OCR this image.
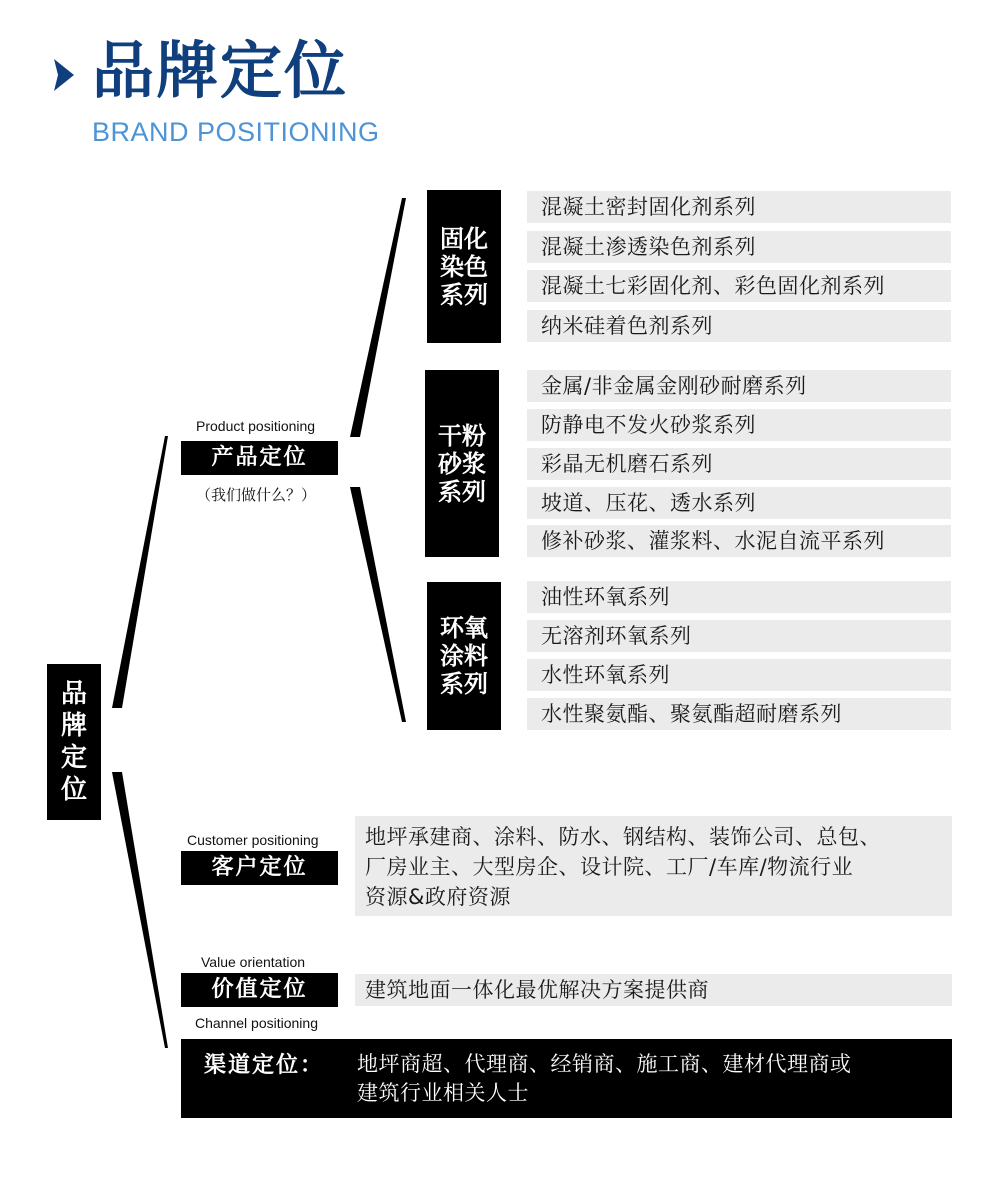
品牌定位
BRAND POSITIONING
品牌定位
Product positioning
产品定位
（我们做什么？）
固化染色系列
干粉砂浆系列
环氧涂料系列
混凝土密封固化剂系列
混凝土渗透染色剂系列
混凝土七彩固化剂、彩色固化剂系列
纳米硅着色剂系列
金属/非金属金刚砂耐磨系列
防静电不发火砂浆系列
彩晶无机磨石系列
坡道、压花、透水系列
修补砂浆、灌浆料、水泥自流平系列
油性环氧系列
无溶剂环氧系列
水性环氧系列
水性聚氨酯、聚氨酯超耐磨系列
Customer positioning
客户定位
地坪承建商、涂料、防水、钢结构、装饰公司、总包、
厂房业主、大型房企、设计院、工厂/车库/物流行业
资源&政府资源
Value orientation
价值定位	建筑地面一体化最优解决方案提供商
Channel positioning
渠道定位： 地坪商超、代理商、经销商、施工商、建材代理商或
建筑行业相关人士
